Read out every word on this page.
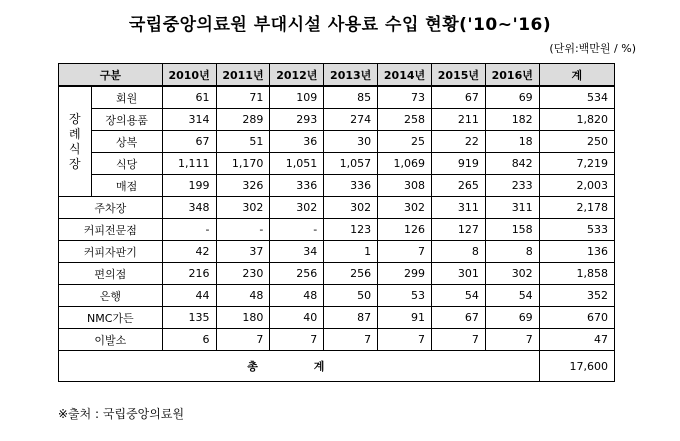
국립중앙의료원 부대시설 사용료 수입 현황('10~'16)
(단위:백만원 / %)
구분		2010년	2011년	2012년	2013년	2014년	2015년	2016년	계

장
례
식
장	회원	61	71	109	85	73	67	69	534
	장의용품	314	289	293	274	258	211	182	1,820
	상복	67	51	36	30	25	22	18	250
	식당	1,111	1,170	1,051	1,057	1,069	919	842	7,219
	매점	199	326	336	336	308	265	233	2,003
주차장		348	302	302	302	302	311	311	2,178
커피전문점		-	-	-	123	126	127	158	533
커피자판기		42	37	34	1	7	8	8	136
편의점		216	230	256	256	299	301	302	1,858
은행		44	48	48	50	53	54	54	352
NMC가든		135	180	40	87	91	67	69	670
이발소		6	7	7	7	7	7	7	47
총 계									17,600
※출처 : 국립중앙의료원
